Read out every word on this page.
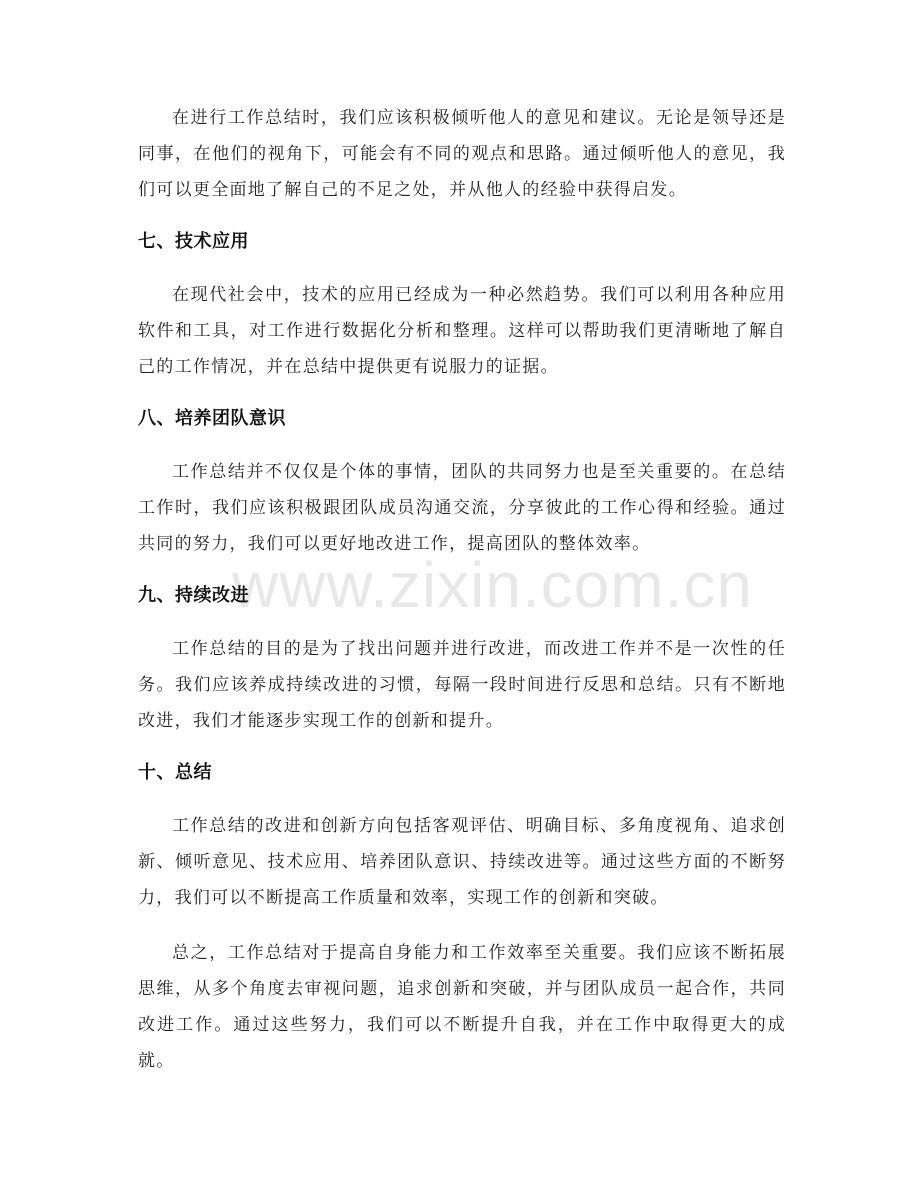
在进行工作总结时，我们应该积极倾听他人的意见和建议。无论是领导还是同事，在他们的视角下，可能会有不同的观点和思路。通过倾听他人的意见，我们可以更全面地了解自己的不足之处，并从他人的经验中获得启发。

七、技术应用

在现代社会中，技术的应用已经成为一种必然趋势。我们可以利用各种应用软件和工具，对工作进行数据化分析和整理。这样可以帮助我们更清晰地了解自己的工作情况，并在总结中提供更有说服力的证据。

八、培养团队意识

工作总结并不仅仅是个体的事情，团队的共同努力也是至关重要的。在总结工作时，我们应该积极跟团队成员沟通交流，分享彼此的工作心得和经验。通过共同的努力，我们可以更好地改进工作，提高团队的整体效率。

九、持续改进

工作总结的目的是为了找出问题并进行改进，而改进工作并不是一次性的任务。我们应该养成持续改进的习惯，每隔一段时间进行反思和总结。只有不断地改进，我们才能逐步实现工作的创新和提升。

十、总结

工作总结的改进和创新方向包括客观评估、明确目标、多角度视角、追求创新、倾听意见、技术应用、培养团队意识、持续改进等。通过这些方面的不断努力，我们可以不断提高工作质量和效率，实现工作的创新和突破。

总之，工作总结对于提高自身能力和工作效率至关重要。我们应该不断拓展思维，从多个角度去审视问题，追求创新和突破，并与团队成员一起合作，共同改进工作。通过这些努力，我们可以不断提升自我，并在工作中取得更大的成就。

www.zixin.com.cn
